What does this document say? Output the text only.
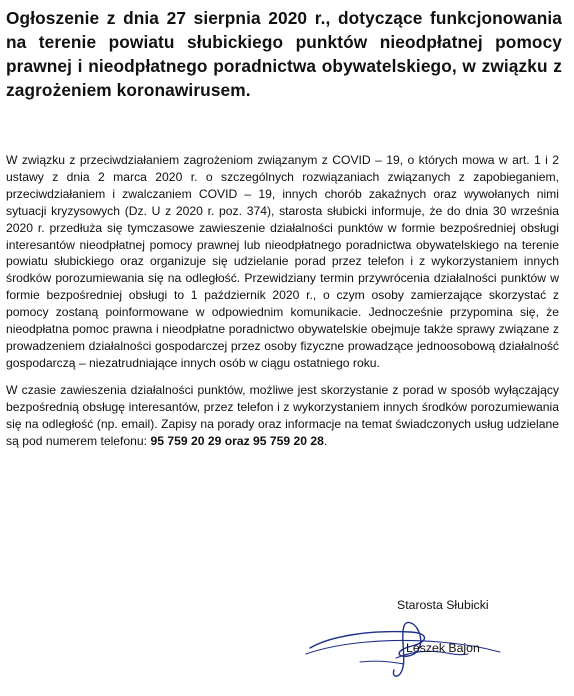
Ogłoszenie z dnia 27 sierpnia 2020 r., dotyczące funkcjonowania na terenie powiatu słubickiego punktów nieodpłatnej pomocy prawnej i nieodpłatnego poradnictwa obywatelskiego, w związku z zagrożeniem koronawirusem.

W związku z przeciwdziałaniem zagrożeniom związanym z COVID – 19, o których mowa w art. 1 i 2 ustawy z dnia 2 marca 2020 r. o szczególnych rozwiązaniach związanych z zapobieganiem, przeciwdziałaniem i zwalczaniem COVID – 19, innych chorób zakaźnych oraz wywołanych nimi sytuacji kryzysowych (Dz. U z 2020 r. poz. 374), starosta słubicki informuje, że do dnia 30 września 2020 r. przedłuża się tymczasowe zawieszenie działalności punktów w formie bezpośredniej obsługi interesantów nieodpłatnej pomocy prawnej lub nieodpłatnego poradnictwa obywatelskiego na terenie powiatu słubickiego oraz organizuje się udzielanie porad przez telefon i z wykorzystaniem innych środków porozumiewania się na odległość. Przewidziany termin przywrócenia działalności punktów w formie bezpośredniej obsługi to 1 październik 2020 r., o czym osoby zamierzające skorzystać z pomocy zostaną poinformowane w odpowiednim komunikacie. Jednocześnie przypomina się, że nieodpłatna pomoc prawna i nieodpłatne poradnictwo obywatelskie obejmuje także sprawy związane z prowadzeniem działalności gospodarczej przez osoby fizyczne prowadzące jednoosobową działalność gospodarczą – niezatrudniające innych osób w ciągu ostatniego roku.

W czasie zawieszenia działalności punktów, możliwe jest skorzystanie z porad w sposób wyłączający bezpośrednią obsługę interesantów, przez telefon i z wykorzystaniem innych środków porozumiewania się na odległość (np. email). Zapisy na porady oraz informacje na temat świadczonych usług udzielane są pod numerem telefonu: 95 759 20 29 oraz 95 759 20 28.

Starosta Słubicki
Leszek Bajon
